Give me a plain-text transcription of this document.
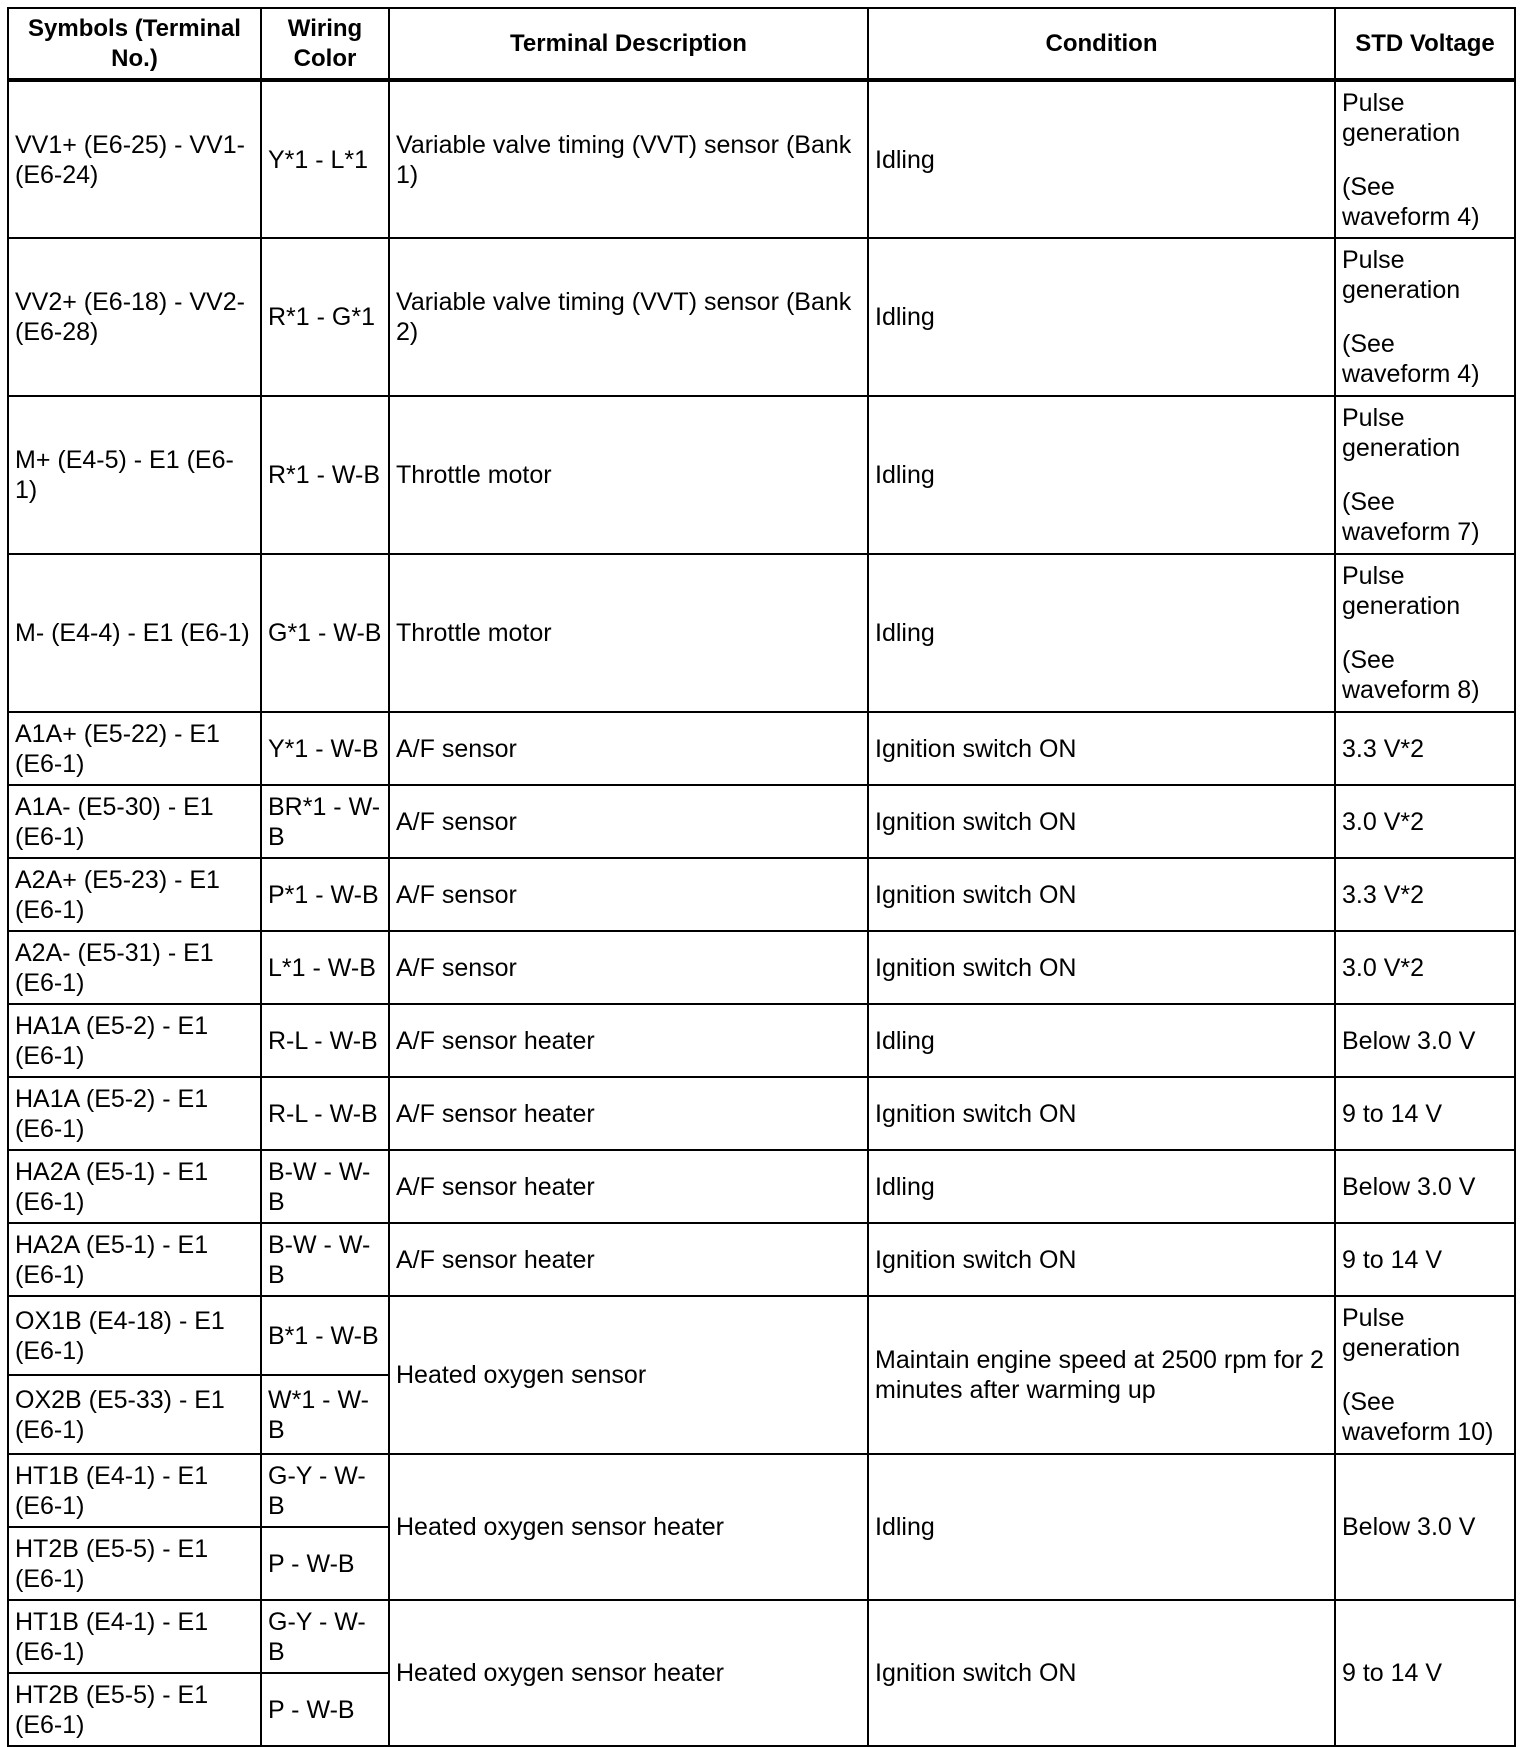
Symbols (Terminal No.)	Wiring Color	Terminal Description	Condition	STD Voltage
VV1+ (E6-25) - VV1- (E6-24)	Y*1 - L*1	Variable valve timing (VVT) sensor (Bank 1)	Idling	Pulse generation
(See waveform 4)

VV2+ (E6-18) - VV2- (E6-28)	R*1 - G*1	Variable valve timing (VVT) sensor (Bank 2)	Idling	Pulse generation
(See waveform 4)

M+ (E4-5) - E1 (E6-1)	R*1 - W-B	Throttle motor	Idling	Pulse generation
(See waveform 7)

M- (E4-4) - E1 (E6-1)	G*1 - W-B	Throttle motor	Idling	Pulse generation
(See waveform 8)

A1A+ (E5-22) - E1 (E6-1)	Y*1 - W-B	A/F sensor	Ignition switch ON	3.3 V*2
A1A- (E5-30) - E1 (E6-1)	BR*1 - W-B	A/F sensor	Ignition switch ON	3.0 V*2
A2A+ (E5-23) - E1 (E6-1)	P*1 - W-B	A/F sensor	Ignition switch ON	3.3 V*2
A2A- (E5-31) - E1 (E6-1)	L*1 - W-B	A/F sensor	Ignition switch ON	3.0 V*2
HA1A (E5-2) - E1 (E6-1)	R-L - W-B	A/F sensor heater	Idling	Below 3.0 V
HA1A (E5-2) - E1 (E6-1)	R-L - W-B	A/F sensor heater	Ignition switch ON	9 to 14 V
HA2A (E5-1) - E1 (E6-1)	B-W - W-B	A/F sensor heater	Idling	Below 3.0 V
HA2A (E5-1) - E1 (E6-1)	B-W - W-B	A/F sensor heater	Ignition switch ON	9 to 14 V
OX1B (E4-18) - E1 (E6-1)	B*1 - W-B	Heated oxygen sensor	Maintain engine speed at 2500 rpm for 2 minutes after warming up	Pulse generation
(See waveform 10)

OX2B (E5-33) - E1 (E6-1)	W*1 - W-B			
HT1B (E4-1) - E1 (E6-1)	G-Y - W-B	Heated oxygen sensor heater	Idling	Below 3.0 V
HT2B (E5-5) - E1 (E6-1)	P - W-B			
HT1B (E4-1) - E1 (E6-1)	G-Y - W-B	Heated oxygen sensor heater	Ignition switch ON	9 to 14 V
HT2B (E5-5) - E1 (E6-1)	P - W-B			
